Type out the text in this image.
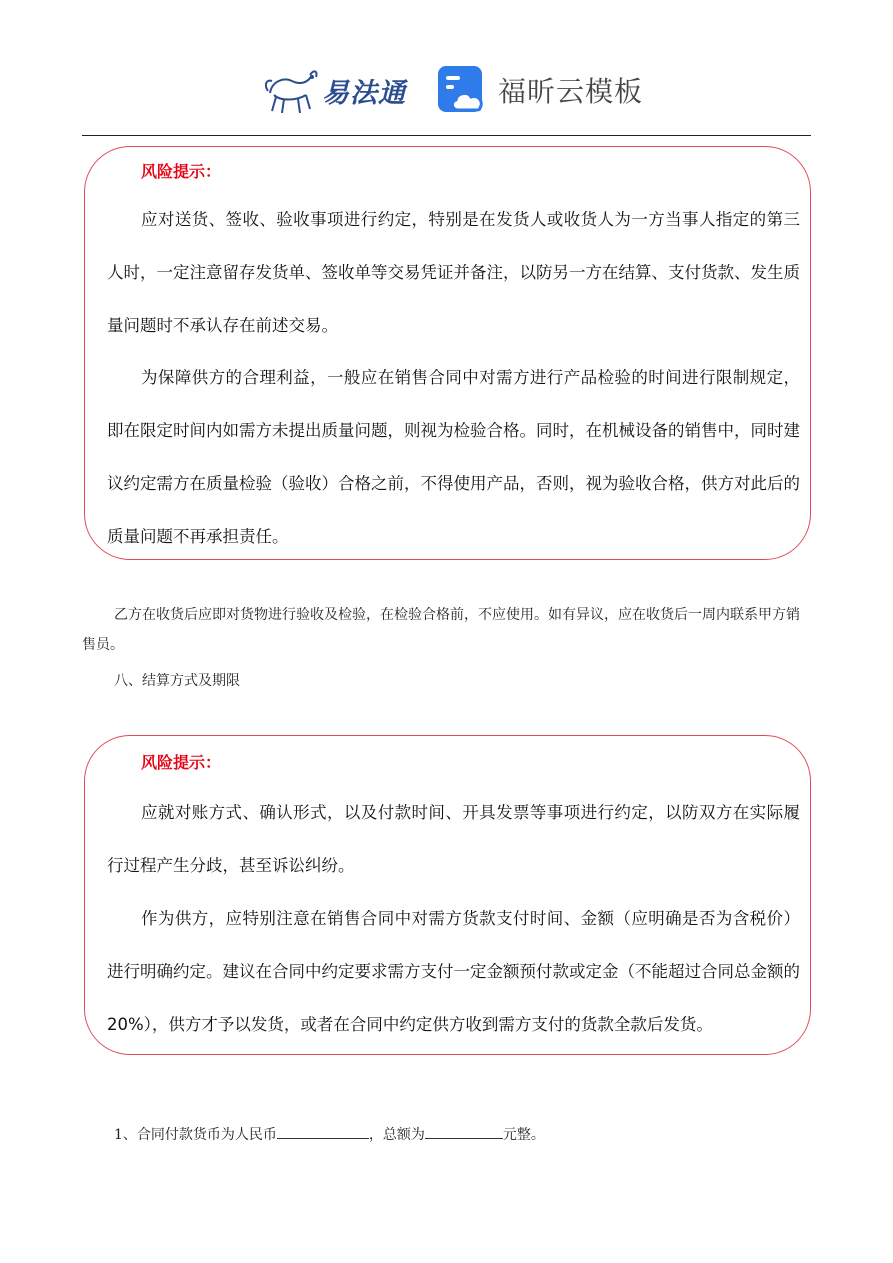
易法通	福昕云模板
风险提示：

应对送货、签收、验收事项进行约定，特别是在发货人或收货人为一方当事人指定的第三人时，一定注意留存发货单、签收单等交易凭证并备注，以防另一方在结算、支付货款、发生质量问题时不承认存在前述交易。

为保障供方的合理利益，一般应在销售合同中对需方进行产品检验的时间进行限制规定，即在限定时间内如需方未提出质量问题，则视为检验合格。同时，在机械设备的销售中，同时建议约定需方在质量检验（验收）合格之前，不得使用产品，否则，视为验收合格，供方对此后的质量问题不再承担责任。

乙方在收货后应即对货物进行验收及检验，在检验合格前，不应使用。如有异议，应在收货后一周内联系甲方销售员。
八、结算方式及期限
风险提示：

应就对账方式、确认形式，以及付款时间、开具发票等事项进行约定，以防双方在实际履行过程产生分歧，甚至诉讼纠纷。

作为供方，应特别注意在销售合同中对需方货款支付时间、金额（应明确是否为含税价）进行明确约定。建议在合同中约定要求需方支付一定金额预付款或定金（不能超过合同总金额的 20%），供方才予以发货，或者在合同中约定供方收到需方支付的货款全款后发货。

1、合同付款货币为人民币	，总额为	元整。
